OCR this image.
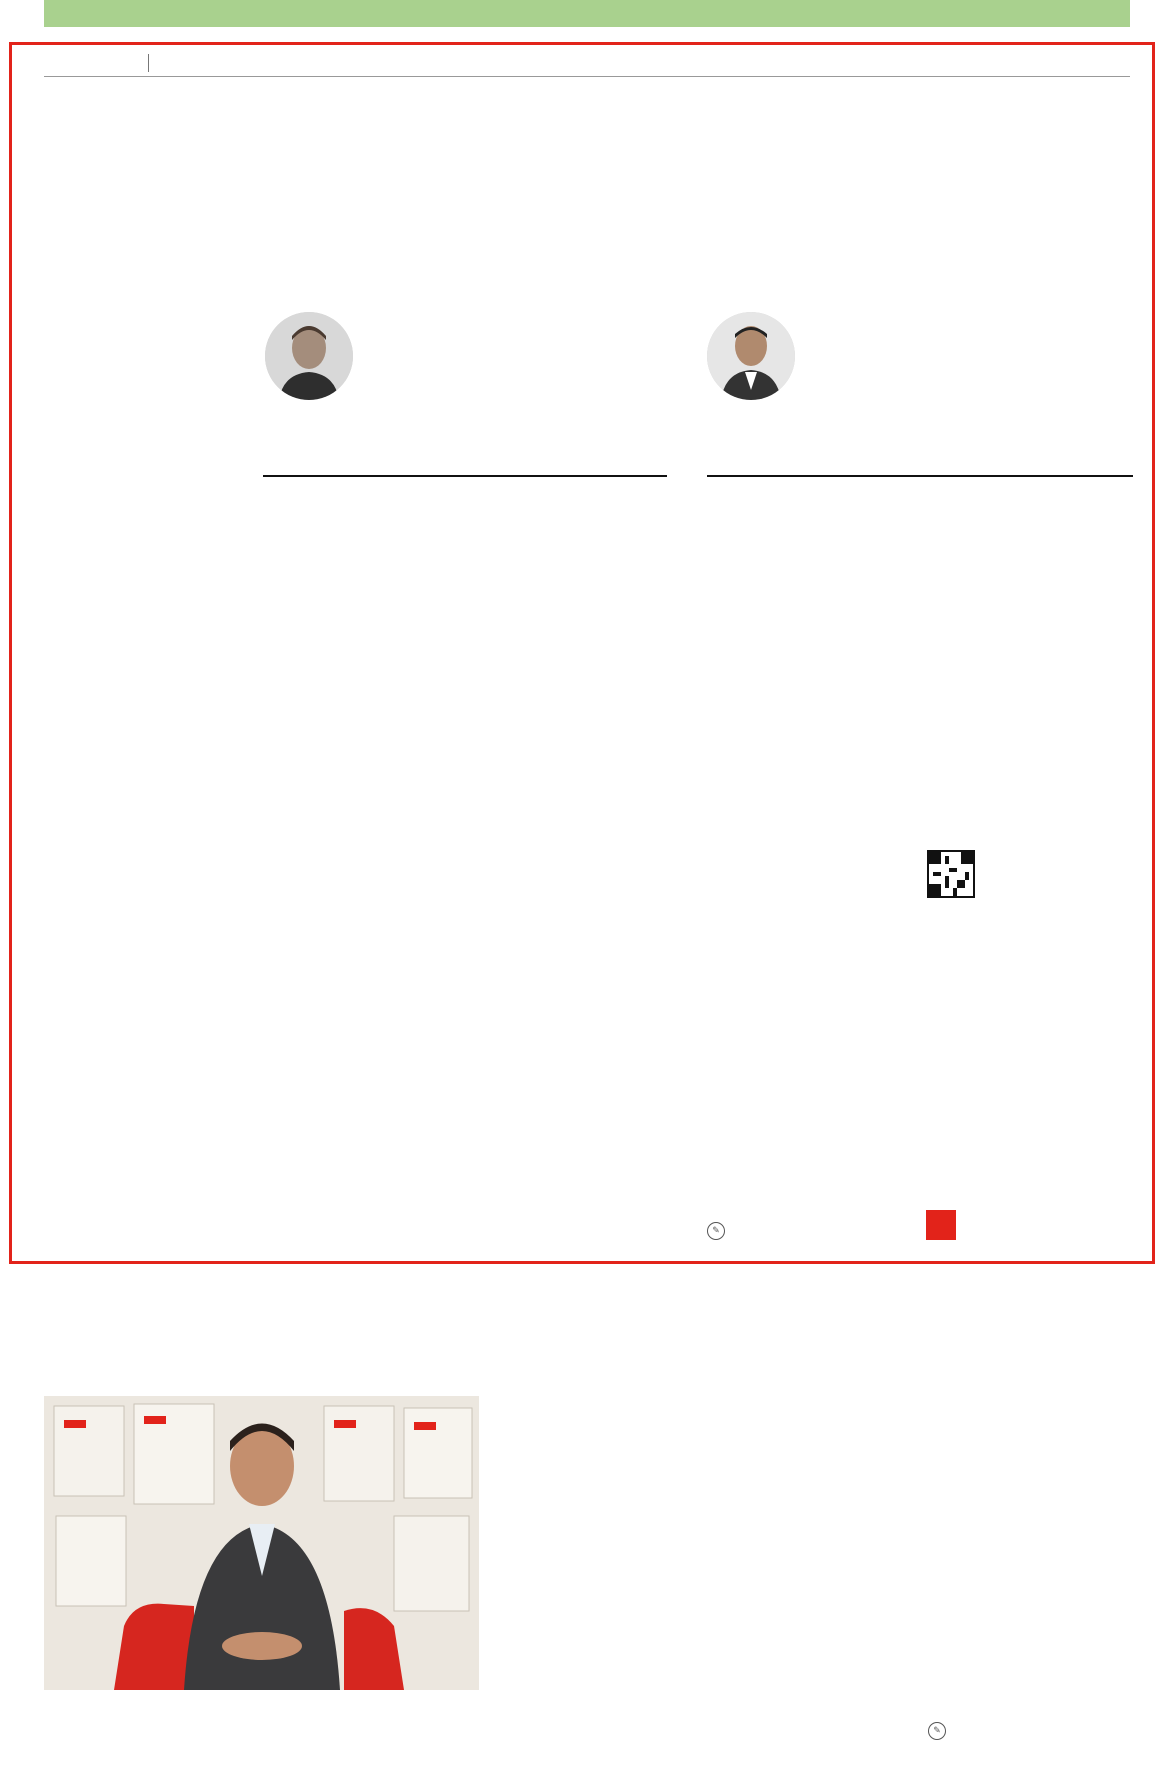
✎

✎
